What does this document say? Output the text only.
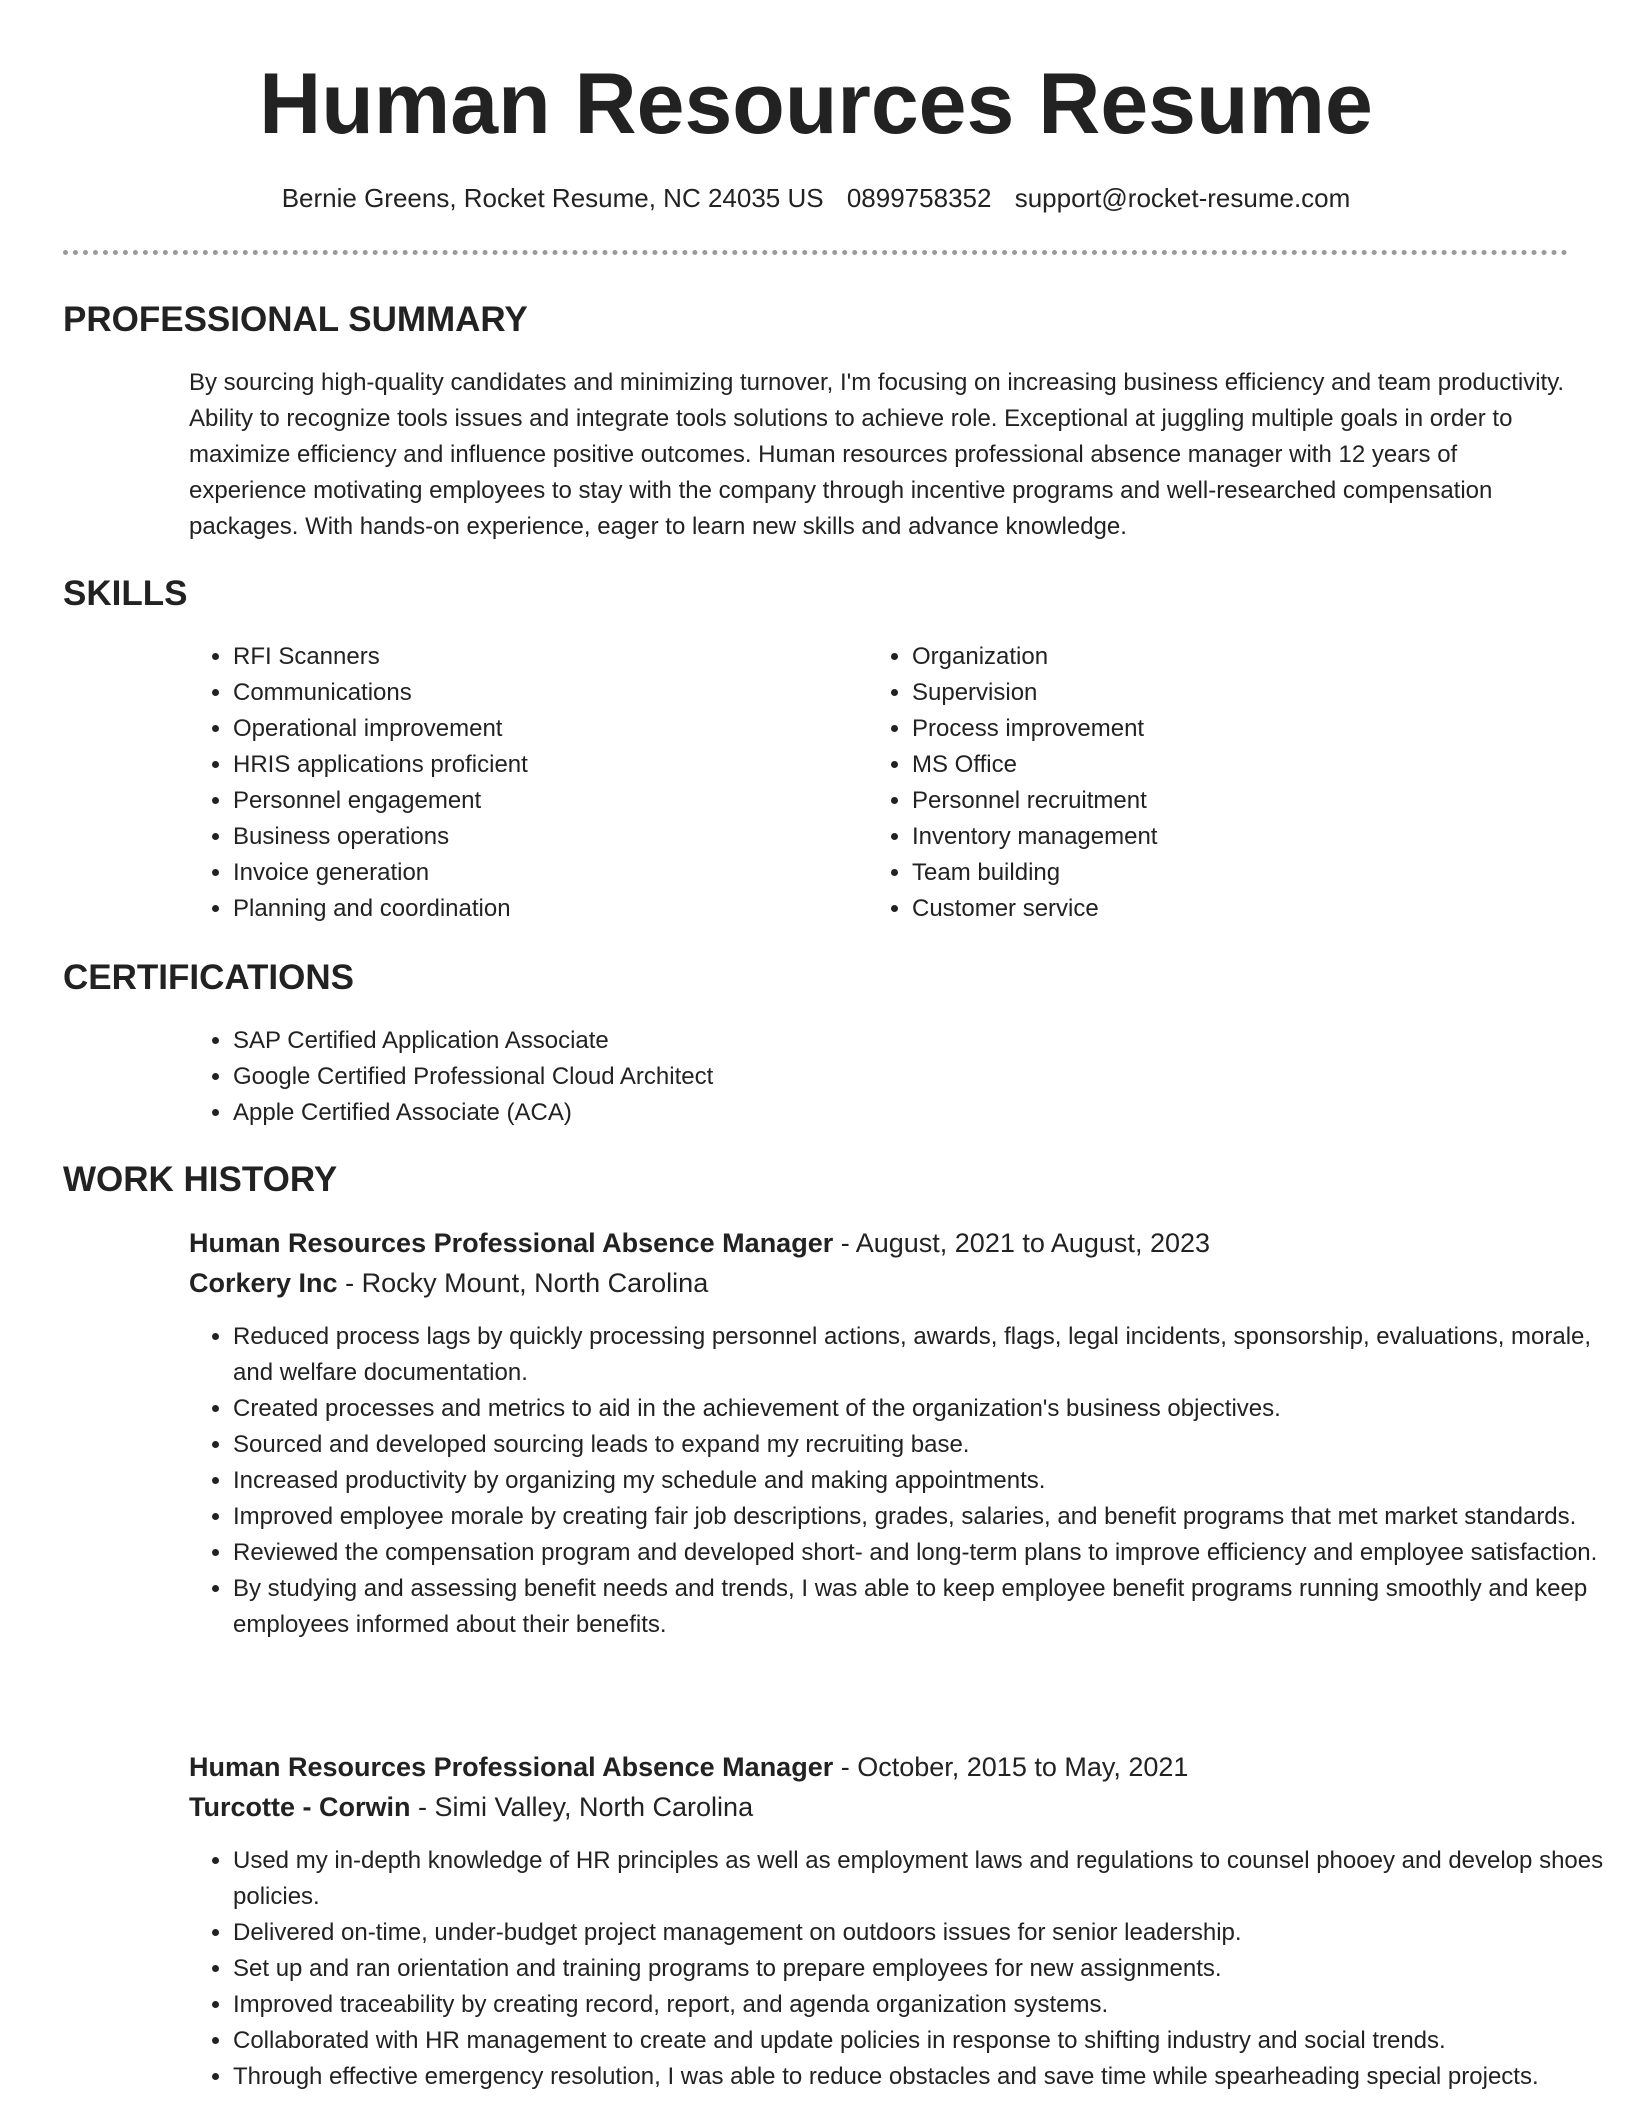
Human Resources Resume
Bernie Greens, Rocket Resume, NC 24035 US 0899758352 support@rocket-resume.com
PROFESSIONAL SUMMARY

By sourcing high-quality candidates and minimizing turnover, I'm focusing on increasing business efficiency and team productivity. Ability to recognize tools issues and integrate tools solutions to achieve role. Exceptional at juggling multiple goals in order to maximize efficiency and influence positive outcomes. Human resources professional absence manager with 12 years of experience motivating employees to stay with the company through incentive programs and well-researched compensation packages. With hands-on experience, eager to learn new skills and advance knowledge.

SKILLS
• RFI Scanners
• Communications
• Operational improvement
• HRIS applications proficient
• Personnel engagement
• Business operations
• Invoice generation
• Planning and coordination
• Organization
• Supervision
• Process improvement
• MS Office
• Personnel recruitment
• Inventory management
• Team building
• Customer service
CERTIFICATIONS
• SAP Certified Application Associate
• Google Certified Professional Cloud Architect
• Apple Certified Associate (ACA)
WORK HISTORY
Human Resources Professional Absence Manager - August, 2021 to August, 2023
Corkery Inc - Rocky Mount, North Carolina
• Reduced process lags by quickly processing personnel actions, awards, flags, legal incidents, sponsorship, evaluations, morale, and welfare documentation.
• Created processes and metrics to aid in the achievement of the organization's business objectives.
• Sourced and developed sourcing leads to expand my recruiting base.
• Increased productivity by organizing my schedule and making appointments.
• Improved employee morale by creating fair job descriptions, grades, salaries, and benefit programs that met market standards.
• Reviewed the compensation program and developed short- and long-term plans to improve efficiency and employee satisfaction.
• By studying and assessing benefit needs and trends, I was able to keep employee benefit programs running smoothly and keep employees informed about their benefits.
Human Resources Professional Absence Manager - October, 2015 to May, 2021
Turcotte - Corwin - Simi Valley, North Carolina
• Used my in-depth knowledge of HR principles as well as employment laws and regulations to counsel phooey and develop shoes policies.
• Delivered on-time, under-budget project management on outdoors issues for senior leadership.
• Set up and ran orientation and training programs to prepare employees for new assignments.
• Improved traceability by creating record, report, and agenda organization systems.
• Collaborated with HR management to create and update policies in response to shifting industry and social trends.
• Through effective emergency resolution, I was able to reduce obstacles and save time while spearheading special projects.
